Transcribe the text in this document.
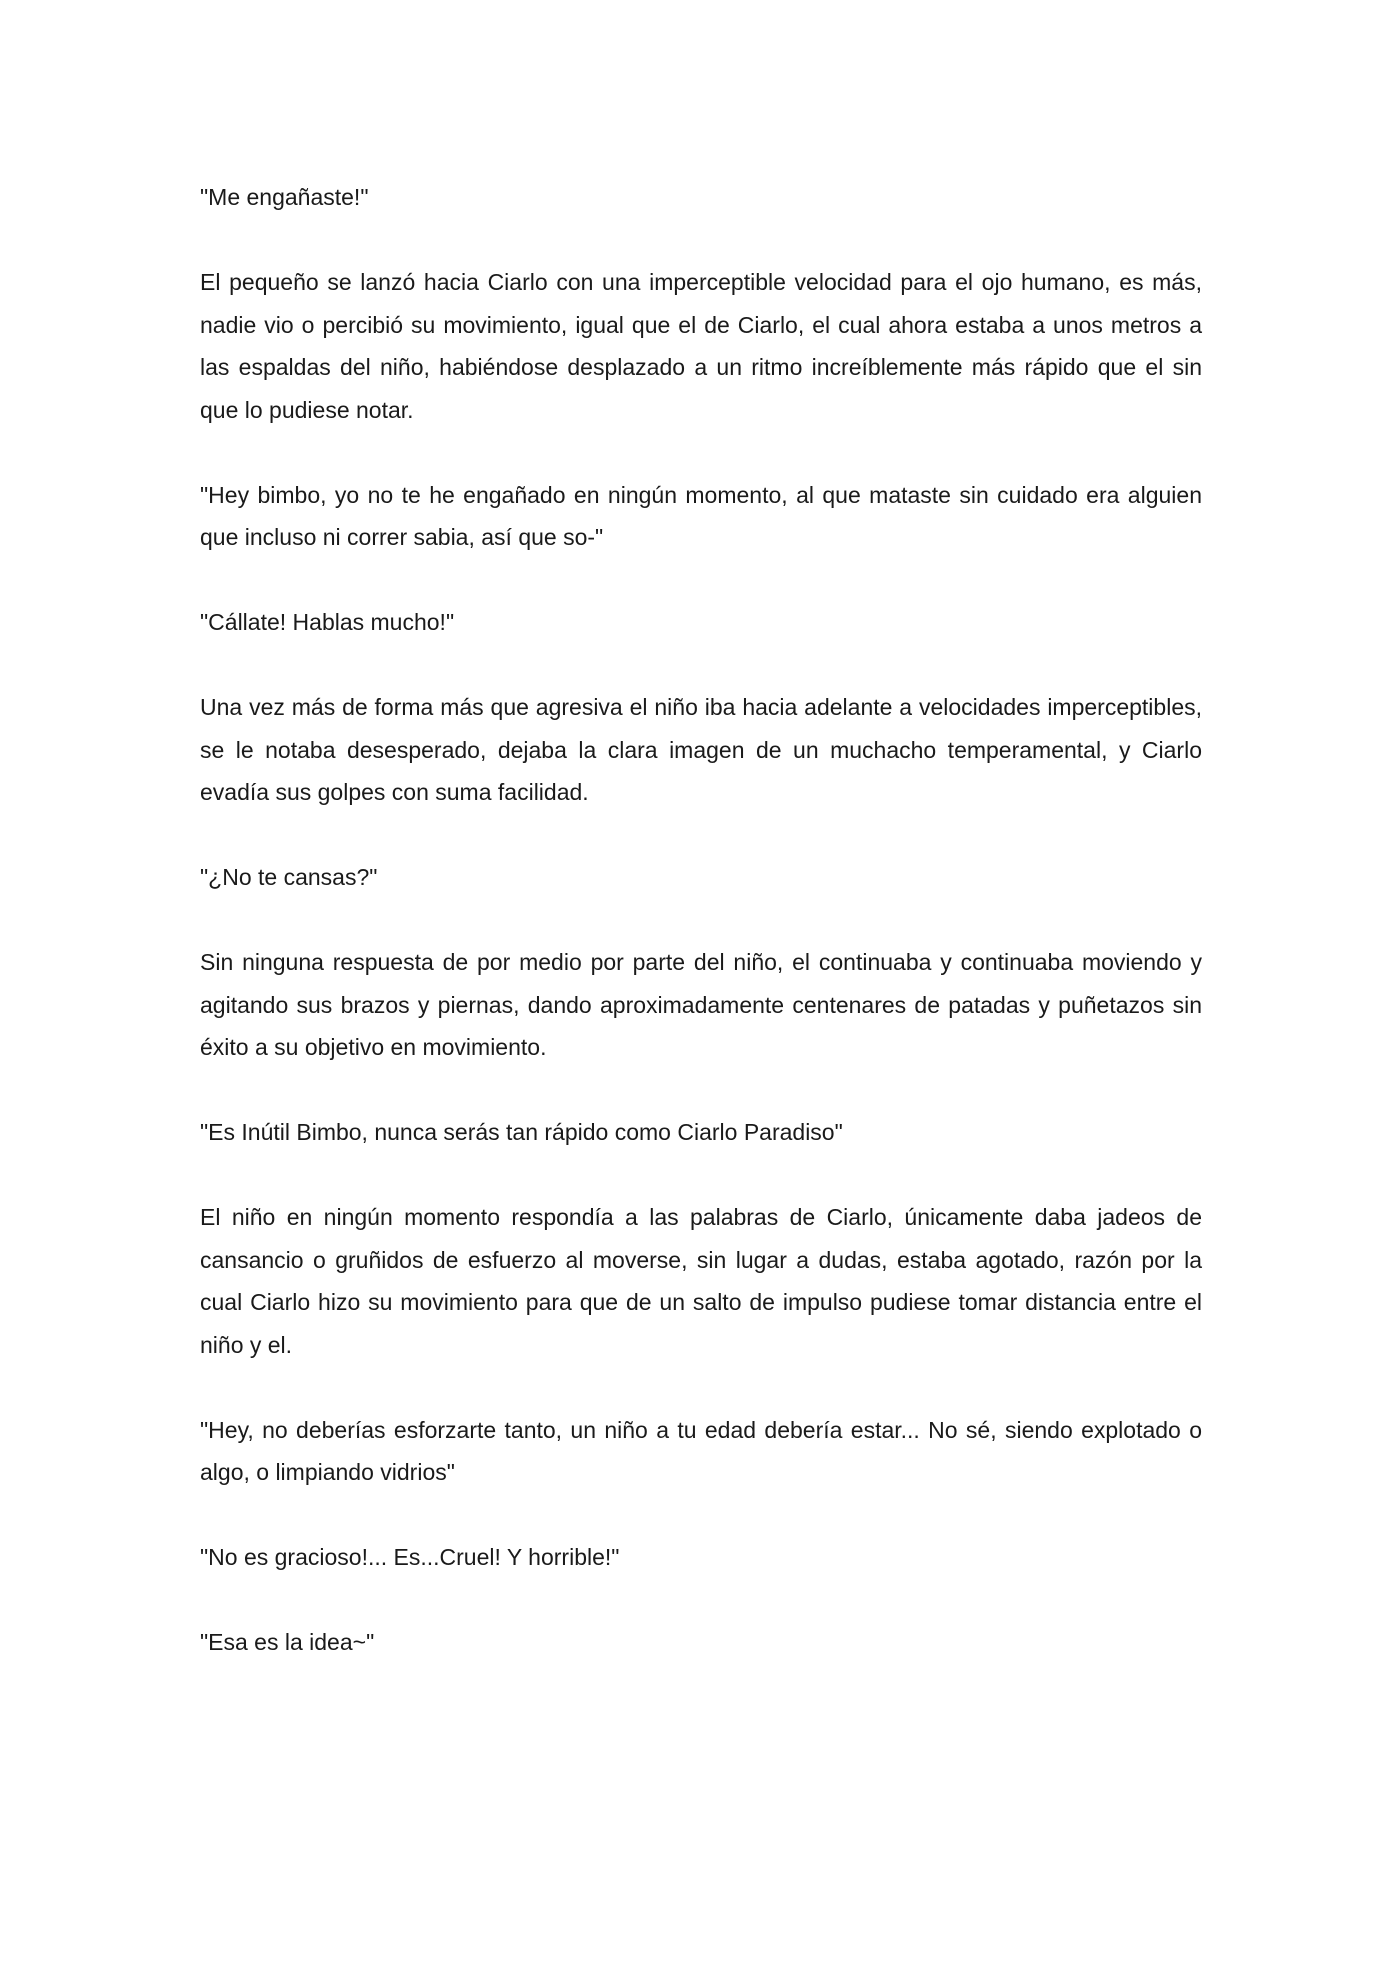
"Me engañaste!"

El pequeño se lanzó hacia Ciarlo con una imperceptible velocidad para el ojo humano, es más, nadie vio o percibió su movimiento, igual que el de Ciarlo, el cual ahora estaba a unos metros a las espaldas del niño, habiéndose desplazado a un ritmo increíblemente más rápido que el sin que lo pudiese notar.

"Hey bimbo, yo no te he engañado en ningún momento, al que mataste sin cuidado era alguien que incluso ni correr sabia, así que so-"

"Cállate! Hablas mucho!"

Una vez más de forma más que agresiva el niño iba hacia adelante a velocidades imperceptibles, se le notaba desesperado, dejaba la clara imagen de un muchacho temperamental, y Ciarlo evadía sus golpes con suma facilidad.

"¿No te cansas?"

Sin ninguna respuesta de por medio por parte del niño, el continuaba y continuaba moviendo y agitando sus brazos y piernas, dando aproximadamente centenares de patadas y puñetazos sin éxito a su objetivo en movimiento.

"Es Inútil Bimbo, nunca serás tan rápido como Ciarlo Paradiso"

El niño en ningún momento respondía a las palabras de Ciarlo, únicamente daba jadeos de cansancio o gruñidos de esfuerzo al moverse, sin lugar a dudas, estaba agotado, razón por la cual Ciarlo hizo su movimiento para que de un salto de impulso pudiese tomar distancia entre el niño y el.

"Hey, no deberías esforzarte tanto, un niño a tu edad debería estar... No sé, siendo explotado o algo, o limpiando vidrios"

"No es gracioso!... Es...Cruel! Y horrible!"

"Esa es la idea~"
